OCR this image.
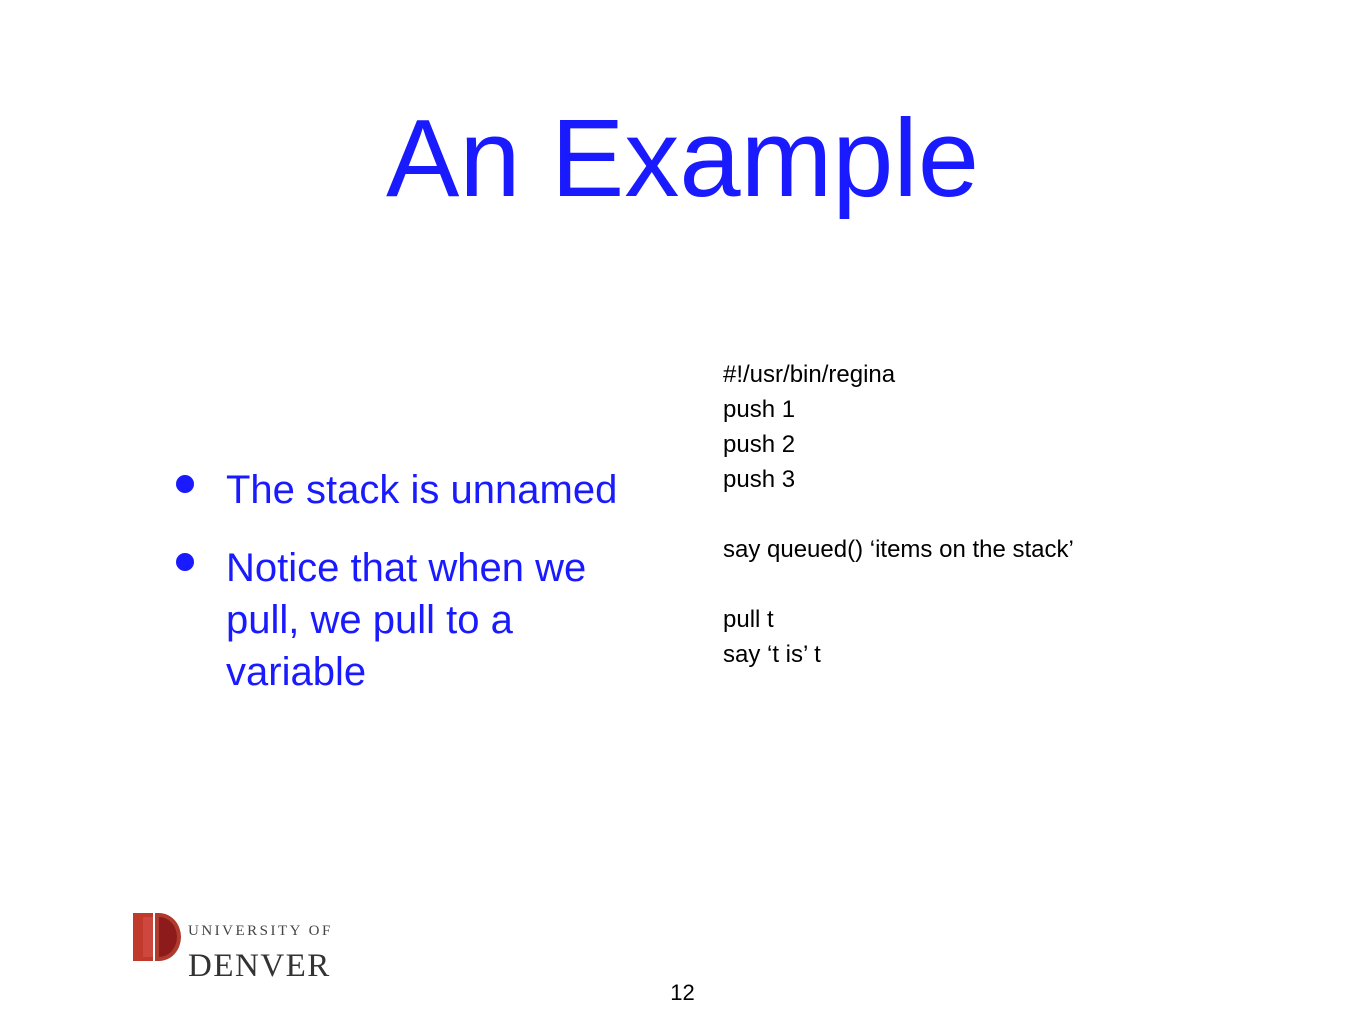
An Example
The stack is unnamed
Notice that when we pull, we pull to a variable
#!/usr/bin/regina
push 1
push 2
push 3
say queued() ‘items on the stack’
pull t
say ‘t is’ t
UNIVERSITY OF
DENVER
12
